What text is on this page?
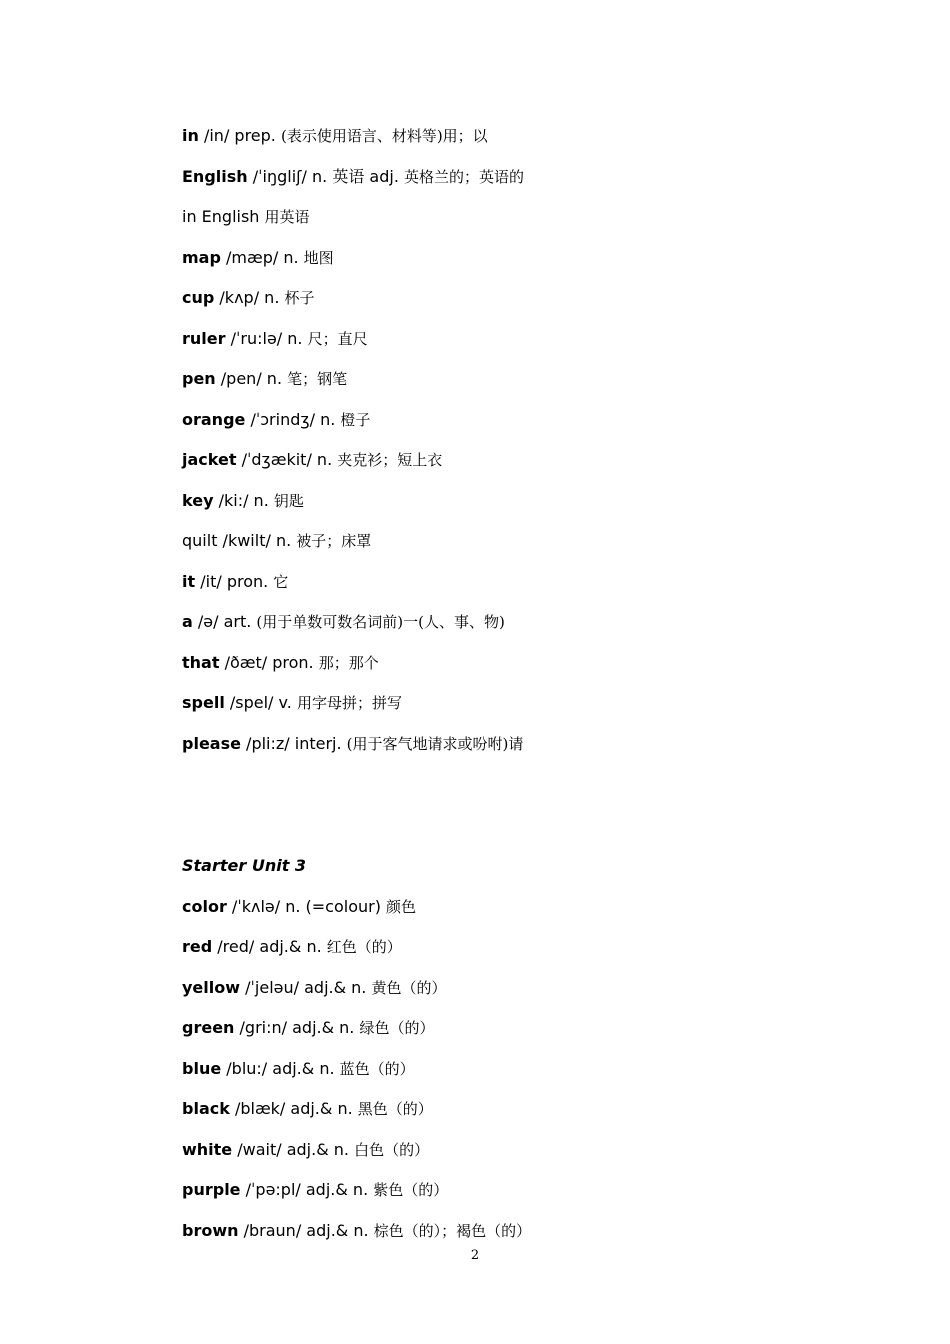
in /in/ prep. (表示使用语言、材料等)用；以
English /ˈiŋgliʃ/ n. 英语 adj. 英格兰的；英语的
in English 用英语
map /mæp/ n. 地图
cup /kʌp/ n. 杯子
ruler /ˈru:lə/ n. 尺；直尺
pen /pen/ n. 笔；钢笔
orange /ˈɔrindʒ/ n. 橙子
jacket /ˈdʒækit/ n. 夹克衫；短上衣
key /ki:/ n. 钥匙
quilt /kwilt/ n. 被子；床罩
it /it/ pron. 它
a /ə/ art. (用于单数可数名词前)一(人、事、物)
that /ðæt/ pron. 那；那个
spell /spel/ v. 用字母拼；拼写
please /pli:z/ interj. (用于客气地请求或吩咐)请
Starter Unit 3
color /ˈkʌlə/ n. (=colour) 颜色
red /red/ adj.& n. 红色（的）
yellow /ˈjeləu/ adj.& n. 黄色（的）
green /gri:n/ adj.& n. 绿色（的）
blue /blu:/ adj.& n. 蓝色（的）
black /blæk/ adj.& n. 黑色（的）
white /wait/ adj.& n. 白色（的）
purple /ˈpə:pl/ adj.& n. 紫色（的）
brown /braun/ adj.& n. 棕色（的）；褐色（的）
2
